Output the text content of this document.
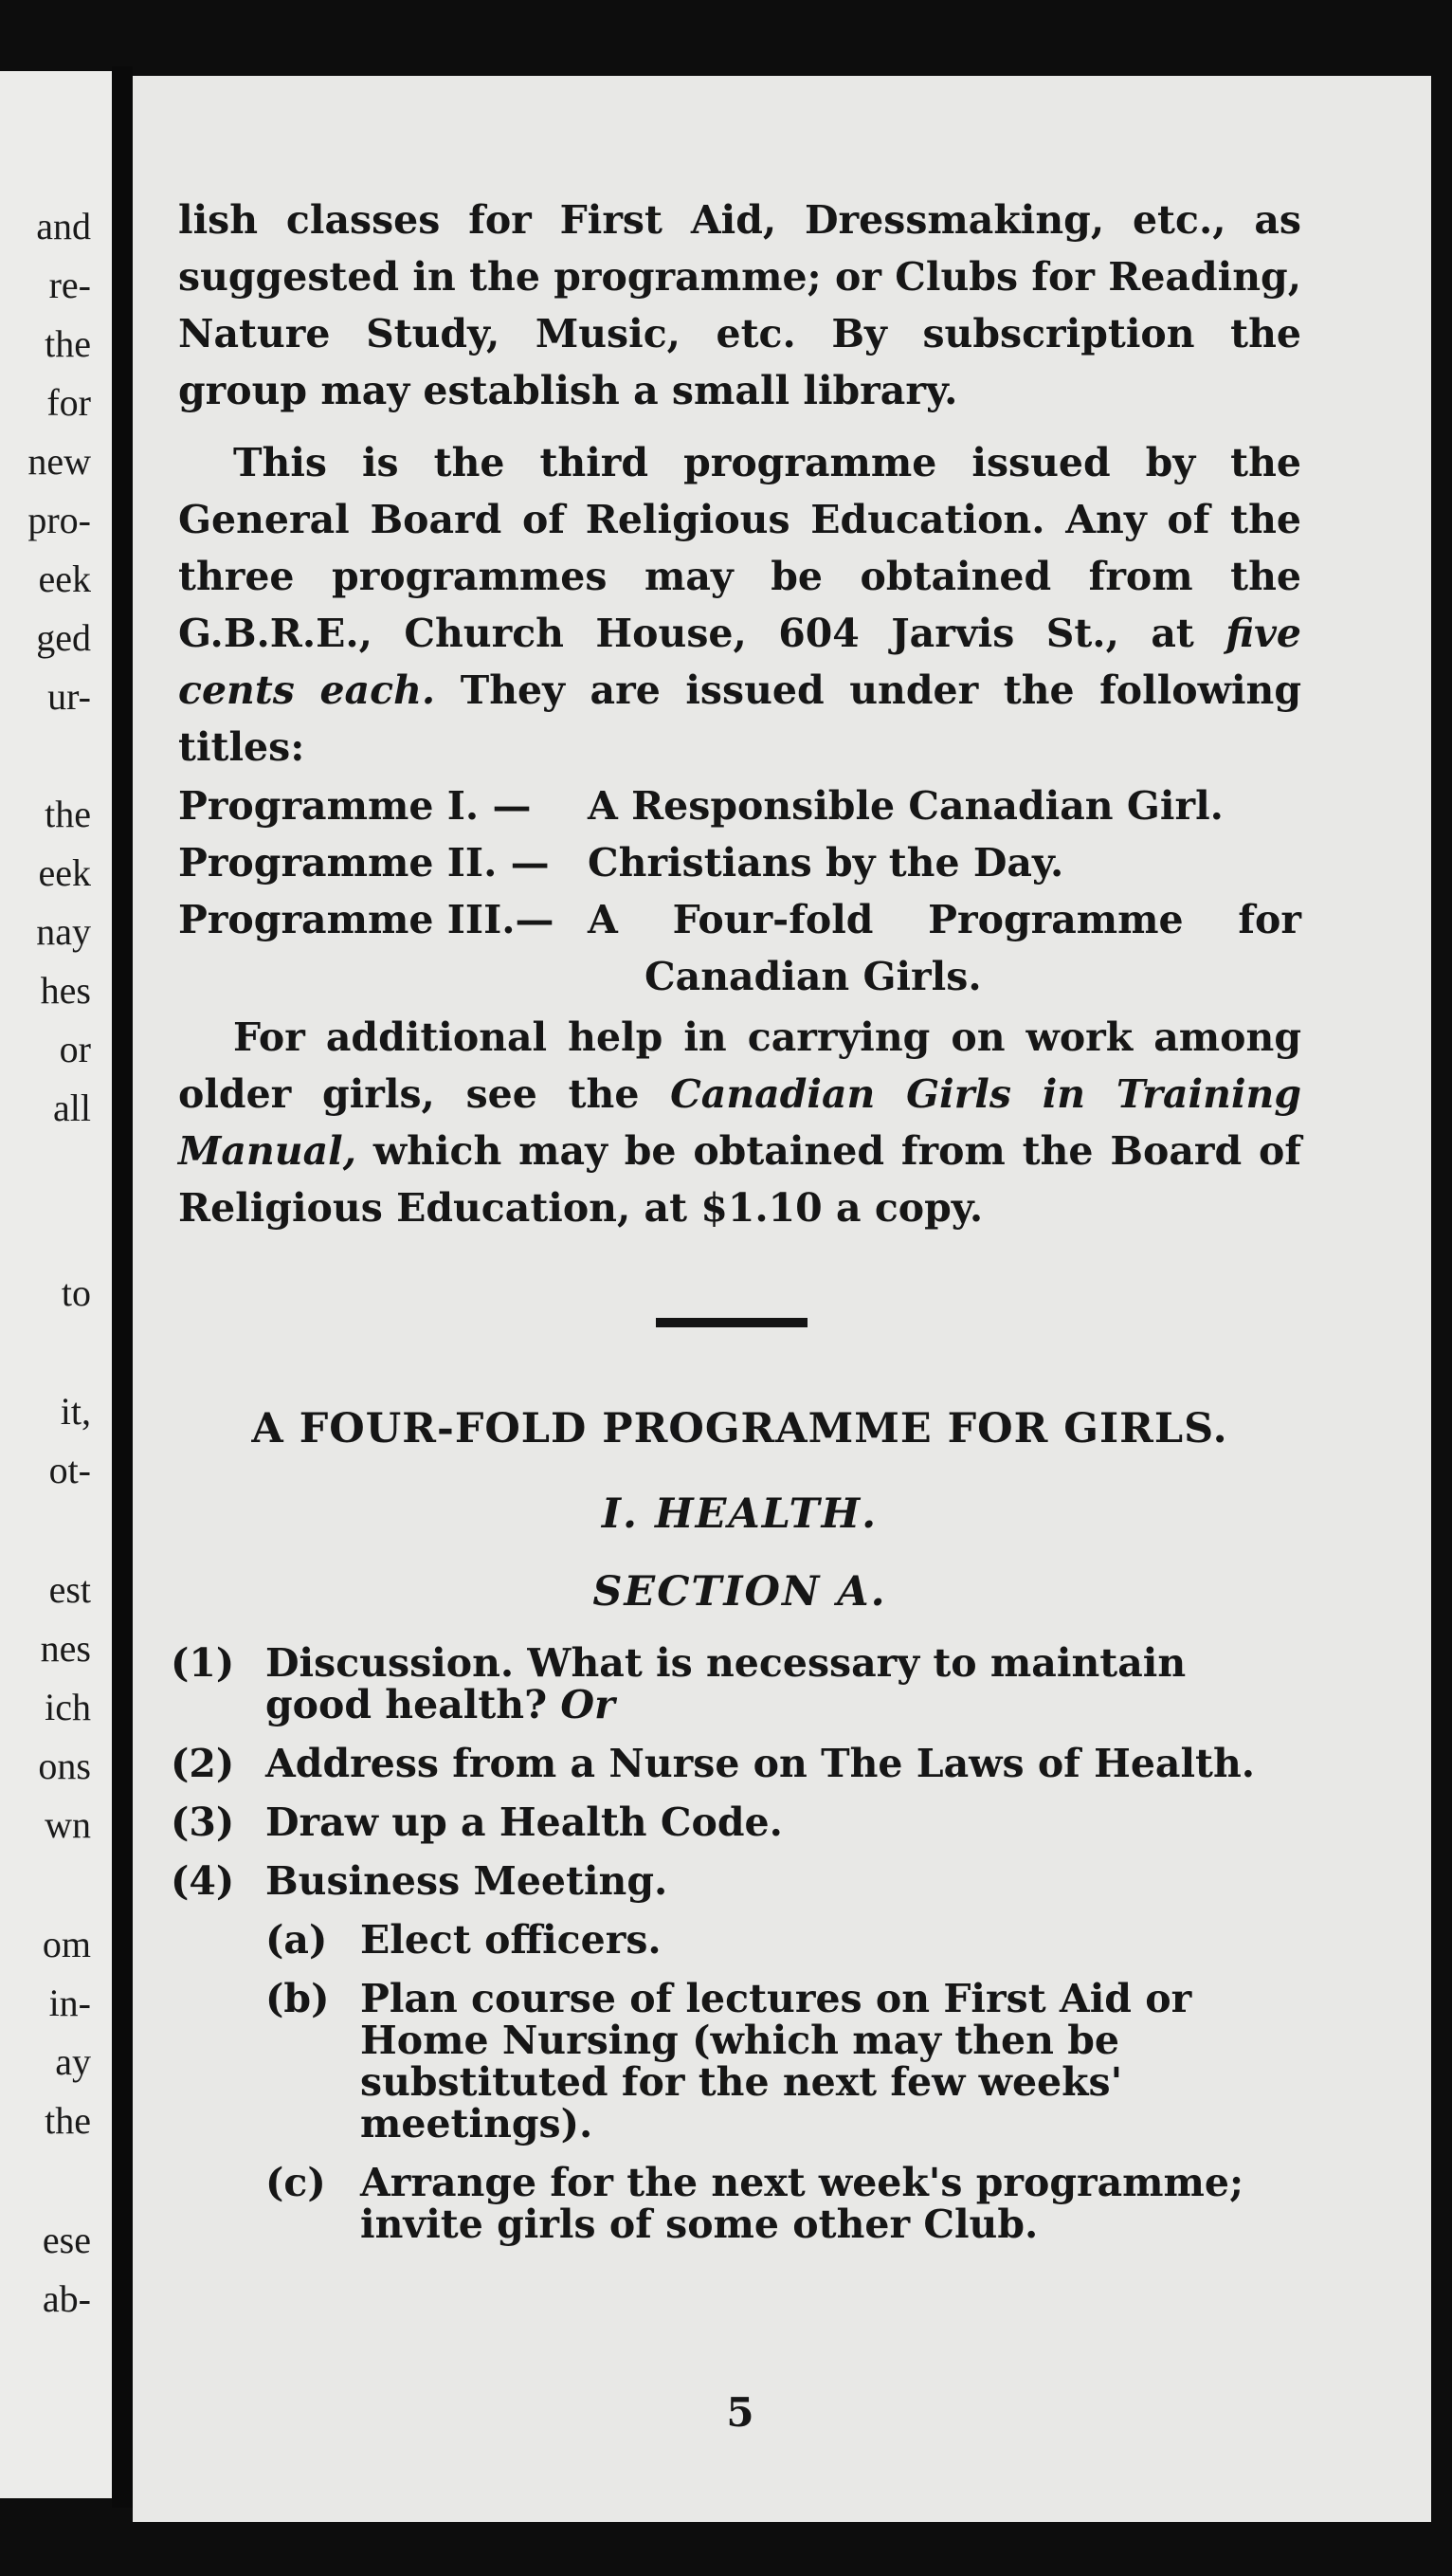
and
re-
the
for
new
pro-
eek
ged
ur-
the
eek
nay
hes
or
all
to
it,
ot-
est
nes
ich
ons
wn
om
in-
ay
the
ese
ab-

lish classes for First Aid, Dressmaking, etc., as suggested in the programme; or Clubs for Reading, Nature Study, Music, etc. By subscription the group may establish a small library.

This is the third programme issued by the General Board of Religious Education. Any of the three programmes may be obtained from the G.B.R.E., Church House, 604 Jarvis St., at five cents each. They are issued under the following titles:

Programme I. —	A Responsible Canadian Girl.
Programme II. — Christians by the Day.
Programme III.— A Four-fold Programme for
Canadian Girls.

For additional help in carrying on work among older girls, see the Canadian Girls in Training Manual, which may be obtained from the Board of Religious Education, at $1.10 a copy.

A FOUR-FOLD PROGRAMME FOR GIRLS.
I. HEALTH.
SECTION A.
(1) Discussion. What is necessary to maintain good health? Or
(2) Address from a Nurse on The Laws of Health.
(3) Draw up a Health Code.
(4) Business Meeting.
(a) Elect officers.
(b) Plan course of lectures on First Aid or Home Nursing (which may then be substituted for the next few weeks' meetings).
(c) Arrange for the next week's programme; invite girls of some other Club.
5
